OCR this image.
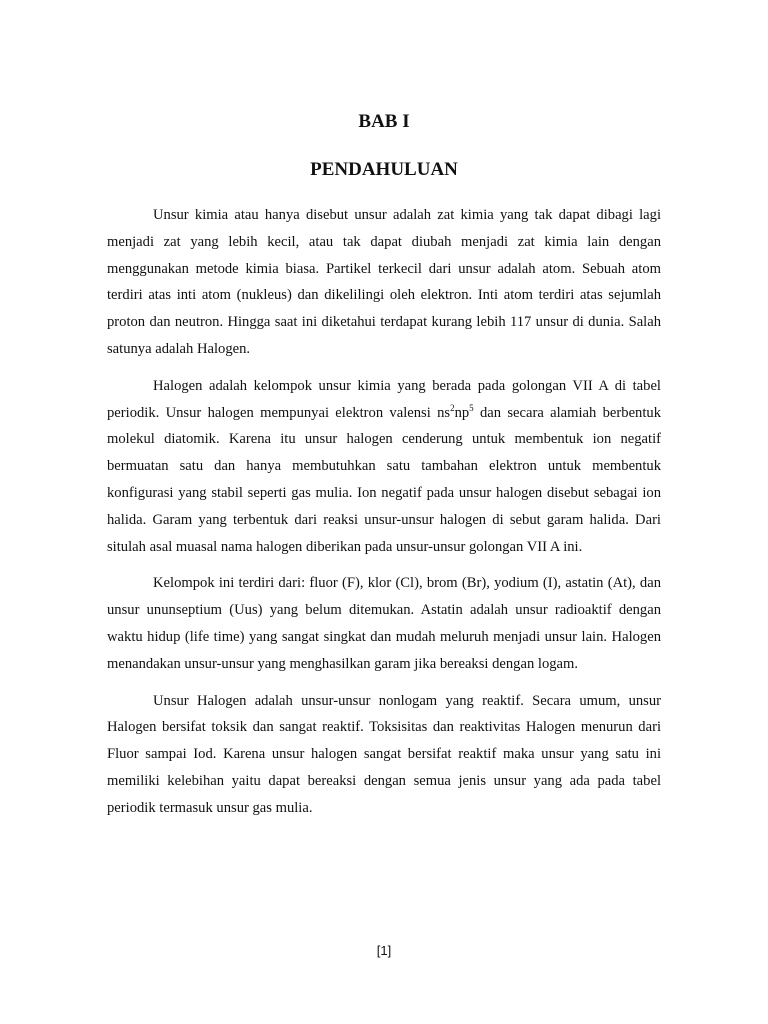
BAB I
PENDAHULUAN

Unsur kimia atau hanya disebut unsur adalah zat kimia yang tak dapat dibagi lagi menjadi zat yang lebih kecil, atau tak dapat diubah menjadi zat kimia lain dengan menggunakan metode kimia biasa. Partikel terkecil dari unsur adalah atom. Sebuah atom terdiri atas inti atom (nukleus) dan dikelilingi oleh elektron. Inti atom terdiri atas sejumlah proton dan neutron. Hingga saat ini diketahui terdapat kurang lebih 117 unsur di dunia. Salah satunya adalah Halogen.

Halogen adalah kelompok unsur kimia yang berada pada golongan VII A di tabel periodik. Unsur halogen mempunyai elektron valensi $ns^2np^5$ dan secara alamiah berbentuk molekul diatomik. Karena itu unsur halogen cenderung untuk membentuk ion negatif bermuatan satu dan hanya membutuhkan satu tambahan elektron untuk membentuk konfigurasi yang stabil seperti gas mulia. Ion negatif pada unsur halogen disebut sebagai ion halida. Garam yang terbentuk dari reaksi unsur-unsur halogen di sebut garam halida. Dari situlah asal muasal nama halogen diberikan pada unsur-unsur golongan VII A ini.

Kelompok ini terdiri dari: fluor (F), klor (Cl), brom (Br), yodium (I), astatin (At), dan unsur ununseptium (Uus) yang belum ditemukan. Astatin adalah unsur radioaktif dengan waktu hidup (life time) yang sangat singkat dan mudah meluruh menjadi unsur lain. Halogen menandakan unsur-unsur yang menghasilkan garam jika bereaksi dengan logam.

Unsur Halogen adalah unsur-unsur nonlogam yang reaktif. Secara umum, unsur Halogen bersifat toksik dan sangat reaktif. Toksisitas dan reaktivitas Halogen menurun dari Fluor sampai Iod. Karena unsur halogen sangat bersifat reaktif maka unsur yang satu ini memiliki kelebihan yaitu dapat bereaksi dengan semua jenis unsur yang ada pada tabel periodik termasuk unsur gas mulia.

[1]
